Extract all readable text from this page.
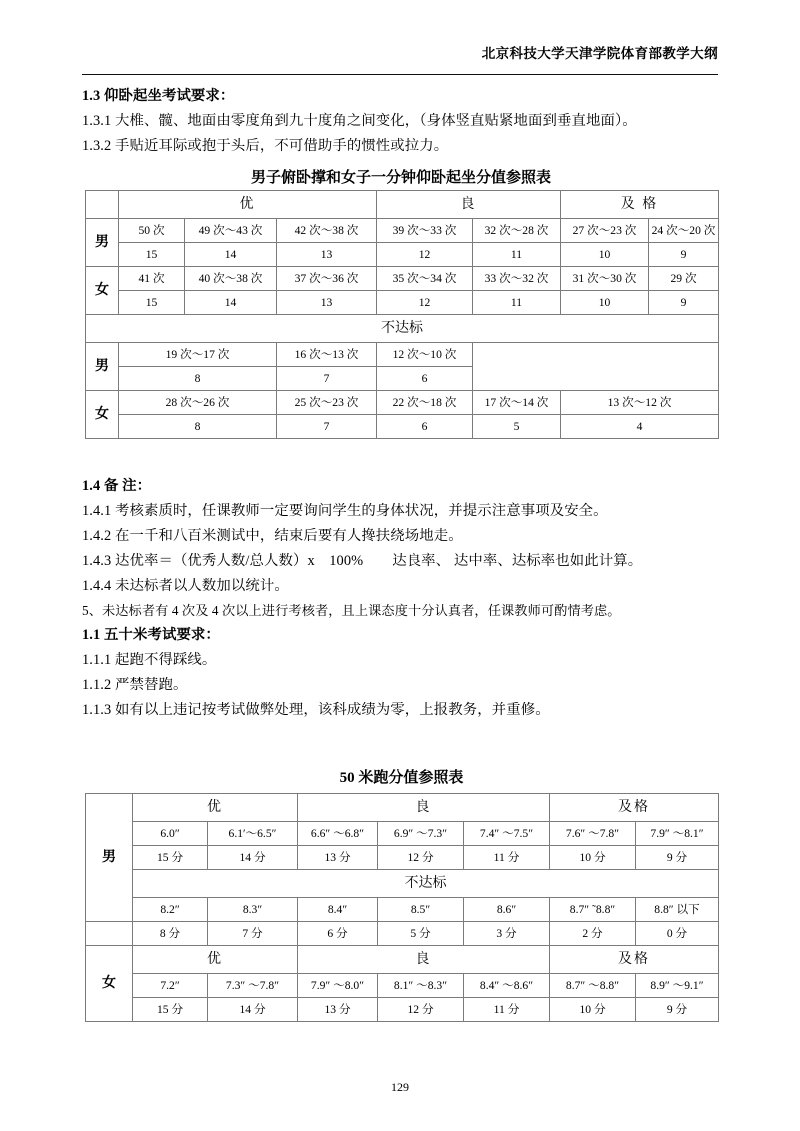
北京科技大学天津学院体育部教学大纲
1.3 仰卧起坐考试要求：
1.3.1 大椎、髋、地面由零度角到九十度角之间变化，（身体竖直贴紧地面到垂直地面）。
1.3.2 手贴近耳际或抱于头后，不可借助手的惯性或拉力。
男子俯卧撑和女子一分钟仰卧起坐分值参照表
	优			良		及 格	
男	50 次	49 次～43 次	42 次～38 次	39 次～33 次	32 次～28 次	27 次～23 次	24 次～20 次
	15	14	13	12	11	10	9
女	41 次	40 次～38 次	37 次～36 次	35 次～34 次	33 次～32 次	31 次～30 次	29 次
	15	14	13	12	11	10	9
不达标							
男	19 次～17 次		16 次～13 次	12 次～10 次			
	8		7	6			
女	28 次～26 次		25 次～23 次	22 次～18 次	17 次～14 次	13 次～12 次	
	8		7	6	5	4	
1.4 备 注：
1.4.1 考核素质时，任课教师一定要询问学生的身体状况，并提示注意事项及安全。
1.4.2 在一千和八百米测试中，结束后要有人搀扶绕场地走。
1.4.3 达优率＝（优秀人数/总人数）x　100%　　达良率、 达中率、达标率也如此计算。
1.4.4 未达标者以人数加以统计。
5、未达标者有 4 次及 4 次以上进行考核者，且上课态度十分认真者，任课教师可酌情考虑。
1.1 五十米考试要求：
1.1.1 起跑不得踩线。
1.1.2 严禁替跑。
1.1.3 如有以上违记按考试做弊处理，该科成绩为零，上报教务，并重修。
50 米跑分值参照表
男	优		良			及格	
	6.0″	6.1′～6.5″	6.6″ ～6.8″	6.9″ ～7.3″	7.4″ ～7.5″	7.6″ ～7.8″	7.9″ ～8.1″
	15 分	14 分	13 分	12 分	11 分	10 分	9 分
	不达标						
	8.2″	8.3″	8.4″	8.5″	8.6″	8.7″ ˜8.8″	8.8″ 以下
	8 分	7 分	6 分	5 分	3 分	2 分	0 分
女	优		良			及格	
	7.2″	7.3″ ～7.8″	7.9″ ～8.0″	8.1″ ～8.3″	8.4″ ～8.6″	8.7″ ～8.8″	8.9″ ～9.1″
	15 分	14 分	13 分	12 分	11 分	10 分	9 分
129
